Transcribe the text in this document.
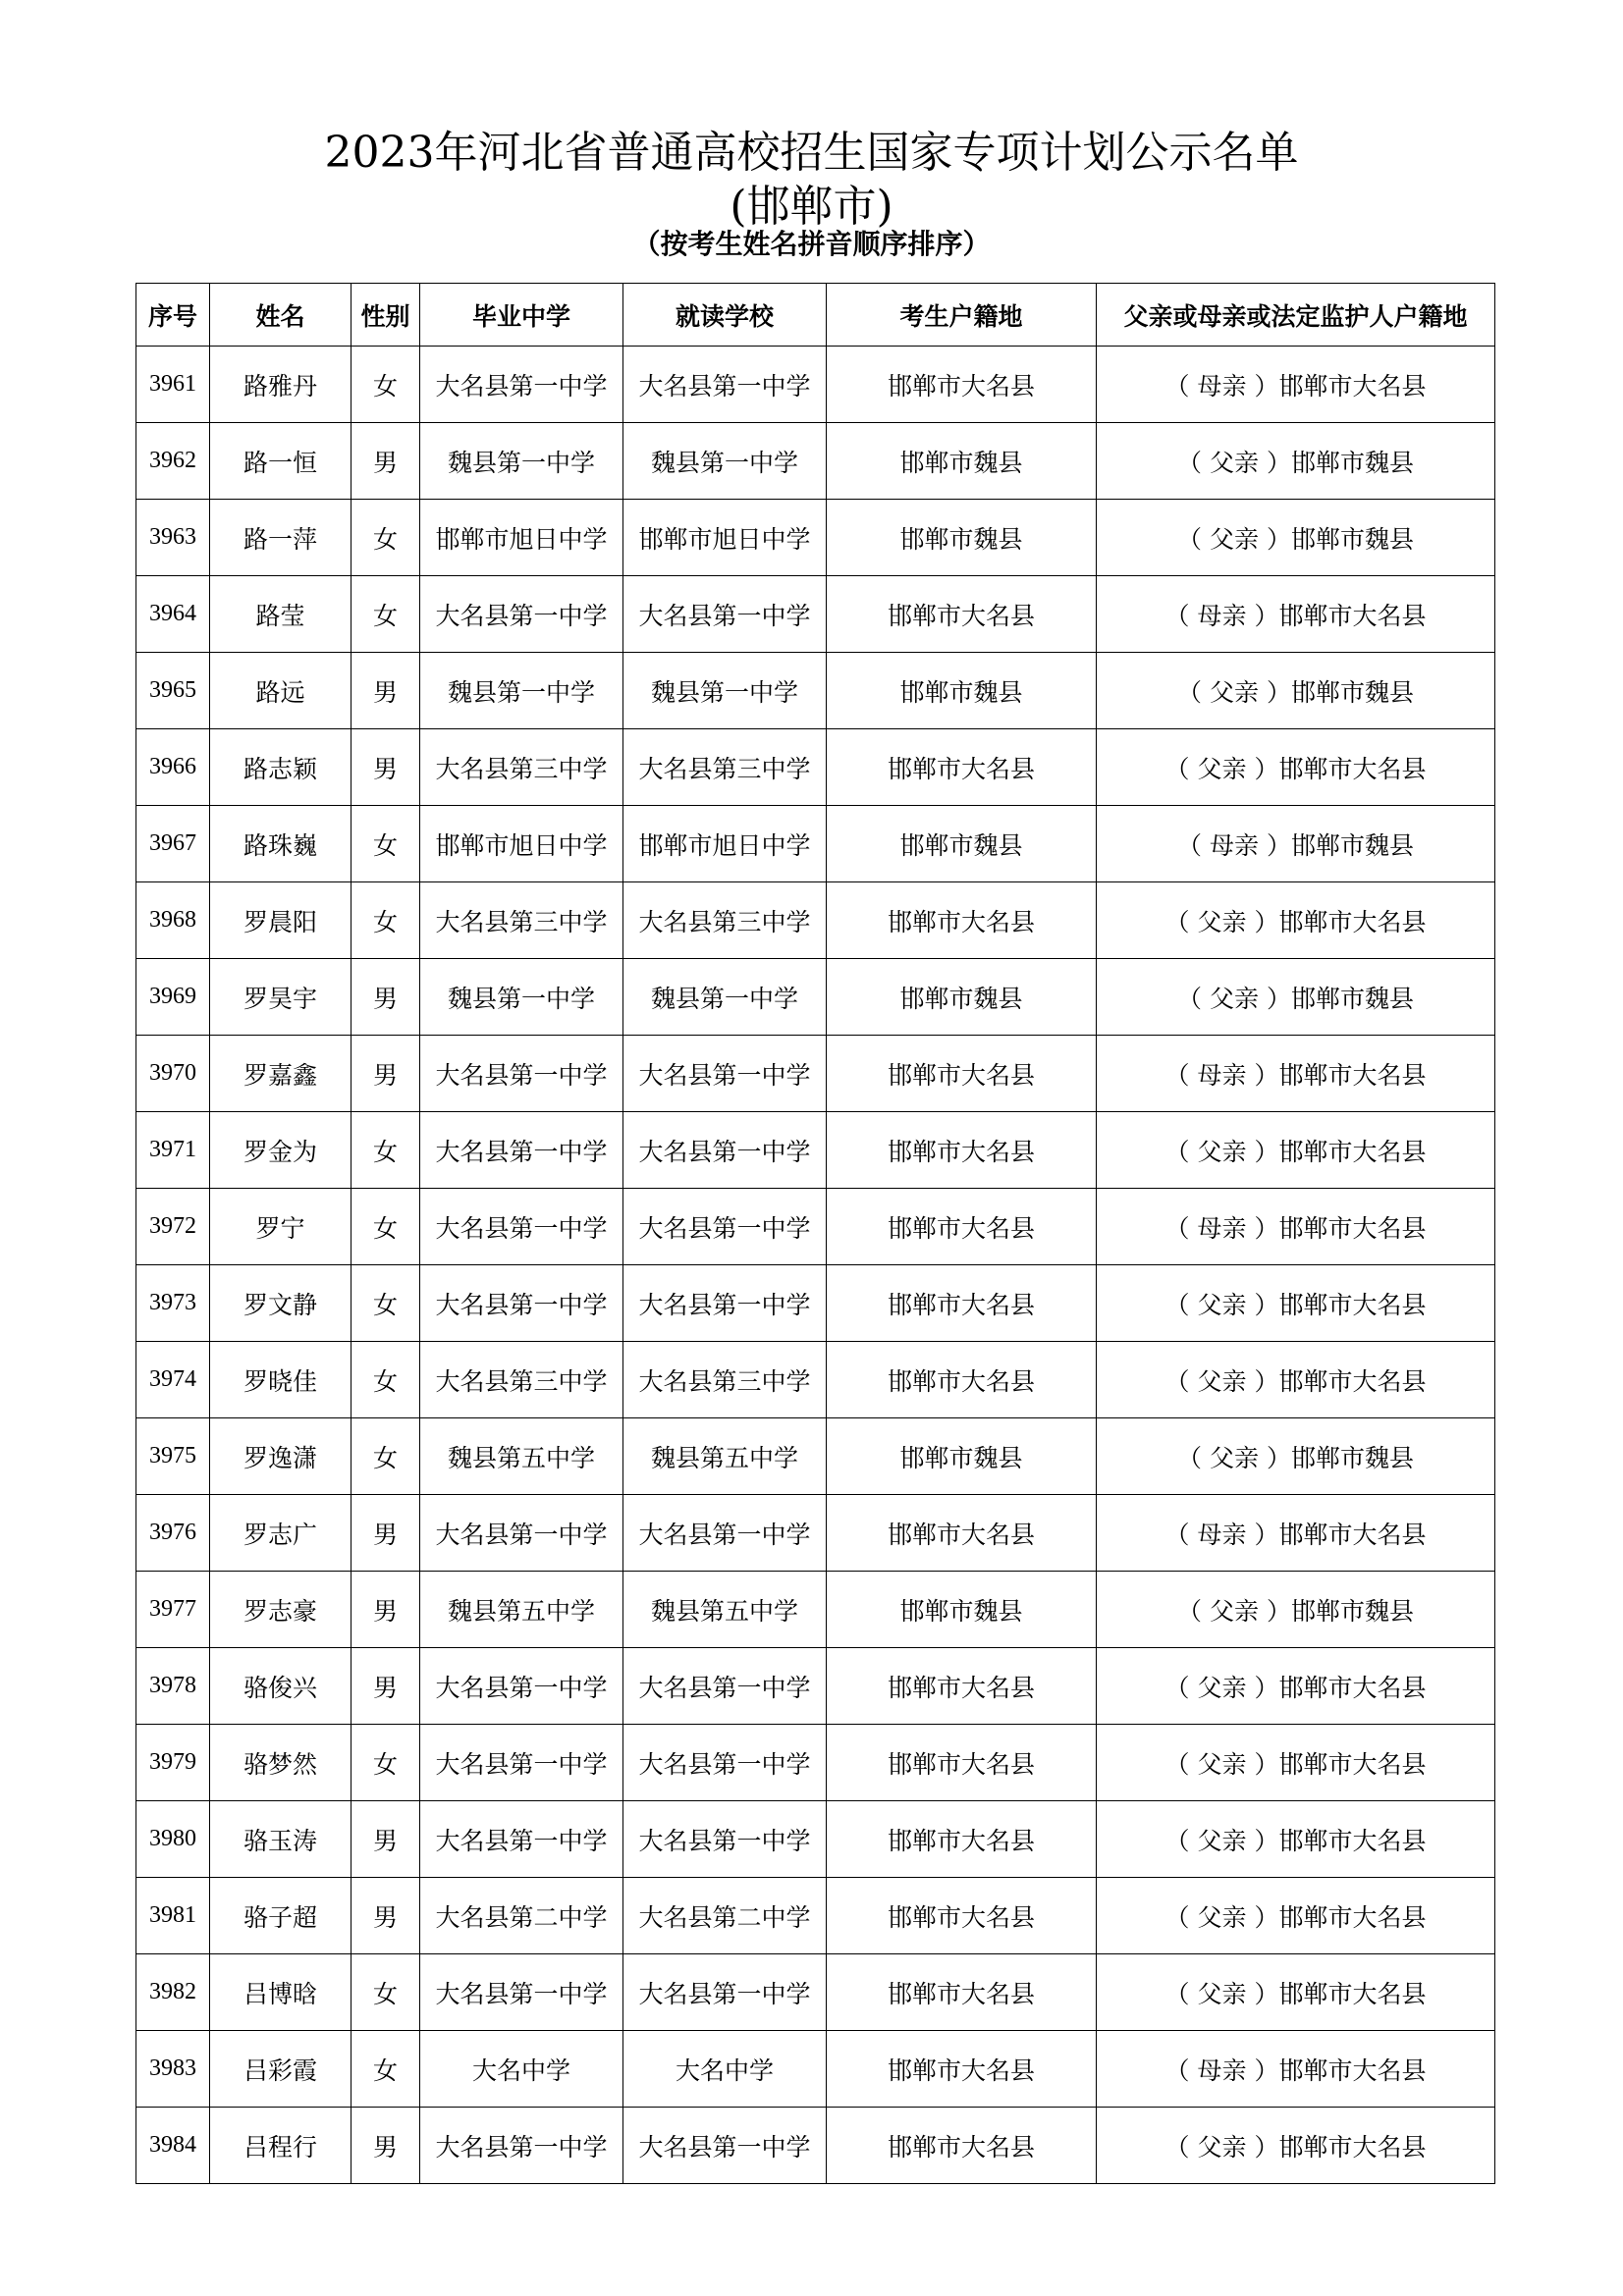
2023年河北省普通高校招生国家专项计划公示名单
(邯郸市)
（按考生姓名拼音顺序排序）
序号	姓名	性别	毕业中学	就读学校	考生户籍地	父亲或母亲或法定监护人户籍地
3961	路雅丹	女	大名县第一中学	大名县第一中学	邯郸市大名县	（ 母亲 ）邯郸市大名县
3962	路一恒	男	魏县第一中学	魏县第一中学	邯郸市魏县	（ 父亲 ）邯郸市魏县
3963	路一萍	女	邯郸市旭日中学	邯郸市旭日中学	邯郸市魏县	（ 父亲 ）邯郸市魏县
3964	路莹	女	大名县第一中学	大名县第一中学	邯郸市大名县	（ 母亲 ）邯郸市大名县
3965	路远	男	魏县第一中学	魏县第一中学	邯郸市魏县	（ 父亲 ）邯郸市魏县
3966	路志颖	男	大名县第三中学	大名县第三中学	邯郸市大名县	（ 父亲 ）邯郸市大名县
3967	路珠巍	女	邯郸市旭日中学	邯郸市旭日中学	邯郸市魏县	（ 母亲 ）邯郸市魏县
3968	罗晨阳	女	大名县第三中学	大名县第三中学	邯郸市大名县	（ 父亲 ）邯郸市大名县
3969	罗昊宇	男	魏县第一中学	魏县第一中学	邯郸市魏县	（ 父亲 ）邯郸市魏县
3970	罗嘉鑫	男	大名县第一中学	大名县第一中学	邯郸市大名县	（ 母亲 ）邯郸市大名县
3971	罗金为	女	大名县第一中学	大名县第一中学	邯郸市大名县	（ 父亲 ）邯郸市大名县
3972	罗宁	女	大名县第一中学	大名县第一中学	邯郸市大名县	（ 母亲 ）邯郸市大名县
3973	罗文静	女	大名县第一中学	大名县第一中学	邯郸市大名县	（ 父亲 ）邯郸市大名县
3974	罗晓佳	女	大名县第三中学	大名县第三中学	邯郸市大名县	（ 父亲 ）邯郸市大名县
3975	罗逸潇	女	魏县第五中学	魏县第五中学	邯郸市魏县	（ 父亲 ）邯郸市魏县
3976	罗志广	男	大名县第一中学	大名县第一中学	邯郸市大名县	（ 母亲 ）邯郸市大名县
3977	罗志豪	男	魏县第五中学	魏县第五中学	邯郸市魏县	（ 父亲 ）邯郸市魏县
3978	骆俊兴	男	大名县第一中学	大名县第一中学	邯郸市大名县	（ 父亲 ）邯郸市大名县
3979	骆梦然	女	大名县第一中学	大名县第一中学	邯郸市大名县	（ 父亲 ）邯郸市大名县
3980	骆玉涛	男	大名县第一中学	大名县第一中学	邯郸市大名县	（ 父亲 ）邯郸市大名县
3981	骆子超	男	大名县第二中学	大名县第二中学	邯郸市大名县	（ 父亲 ）邯郸市大名县
3982	吕博晗	女	大名县第一中学	大名县第一中学	邯郸市大名县	（ 父亲 ）邯郸市大名县
3983	吕彩霞	女	大名中学	大名中学	邯郸市大名县	（ 母亲 ）邯郸市大名县
3984	吕程行	男	大名县第一中学	大名县第一中学	邯郸市大名县	（ 父亲 ）邯郸市大名县
